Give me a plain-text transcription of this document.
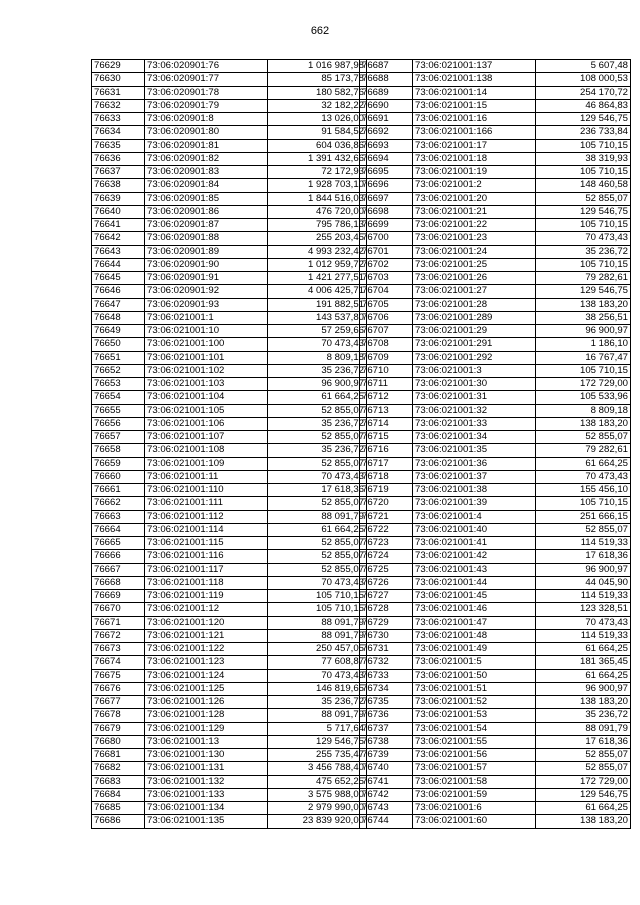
662
76629	73:06:020901:76	1 016 987,98
76630	73:06:020901:77	85 173,78
76631	73:06:020901:78	180 582,76
76632	73:06:020901:79	32 182,22
76633	73:06:020901:8	13 026,00
76634	73:06:020901:80	91 584,52
76635	73:06:020901:81	604 036,86
76636	73:06:020901:82	1 391 432,66
76637	73:06:020901:83	72 172,93
76638	73:06:020901:84	1 928 703,10
76639	73:06:020901:85	1 844 516,03
76640	73:06:020901:86	476 720,00
76641	73:06:020901:87	795 786,13
76642	73:06:020901:88	255 203,45
76643	73:06:020901:89	4 993 232,42
76644	73:06:020901:90	1 012 959,72
76645	73:06:020901:91	1 421 277,51
76646	73:06:020901:92	4 006 425,71
76647	73:06:020901:93	191 882,51
76648	73:06:021001:1	143 537,80
76649	73:06:021001:10	57 259,66
76650	73:06:021001:100	70 473,43
76651	73:06:021001:101	8 809,18
76652	73:06:021001:102	35 236,72
76653	73:06:021001:103	96 900,97
76654	73:06:021001:104	61 664,25
76655	73:06:021001:105	52 855,07
76656	73:06:021001:106	35 236,72
76657	73:06:021001:107	52 855,07
76658	73:06:021001:108	35 236,72
76659	73:06:021001:109	52 855,07
76660	73:06:021001:11	70 473,43
76661	73:06:021001:110	17 618,36
76662	73:06:021001:111	52 855,07
76663	73:06:021001:112	88 091,79
76664	73:06:021001:114	61 664,25
76665	73:06:021001:115	52 855,07
76666	73:06:021001:116	52 855,07
76667	73:06:021001:117	52 855,07
76668	73:06:021001:118	70 473,43
76669	73:06:021001:119	105 710,15
76670	73:06:021001:12	105 710,15
76671	73:06:021001:120	88 091,79
76672	73:06:021001:121	88 091,79
76673	73:06:021001:122	250 457,05
76674	73:06:021001:123	77 608,87
76675	73:06:021001:124	70 473,43
76676	73:06:021001:125	146 819,65
76677	73:06:021001:126	35 236,72
76678	73:06:021001:128	88 091,79
76679	73:06:021001:129	5 717,64
76680	73:06:021001:13	129 546,75
76681	73:06:021001:130	255 735,47
76682	73:06:021001:131	3 456 788,40
76683	73:06:021001:132	475 652,25
76684	73:06:021001:133	3 575 988,00
76685	73:06:021001:134	2 979 990,00
76686	73:06:021001:135	23 839 920,00
76687	73:06:021001:137	5 607,48
76688	73:06:021001:138	108 000,53
76689	73:06:021001:14	254 170,72
76690	73:06:021001:15	46 864,83
76691	73:06:021001:16	129 546,75
76692	73:06:021001:166	236 733,84
76693	73:06:021001:17	105 710,15
76694	73:06:021001:18	38 319,93
76695	73:06:021001:19	105 710,15
76696	73:06:021001:2	148 460,58
76697	73:06:021001:20	52 855,07
76698	73:06:021001:21	129 546,75
76699	73:06:021001:22	105 710,15
76700	73:06:021001:23	70 473,43
76701	73:06:021001:24	35 236,72
76702	73:06:021001:25	105 710,15
76703	73:06:021001:26	79 282,61
76704	73:06:021001:27	129 546,75
76705	73:06:021001:28	138 183,20
76706	73:06:021001:289	38 256,51
76707	73:06:021001:29	96 900,97
76708	73:06:021001:291	1 186,10
76709	73:06:021001:292	16 767,47
76710	73:06:021001:3	105 710,15
76711	73:06:021001:30	172 729,00
76712	73:06:021001:31	105 533,96
76713	73:06:021001:32	8 809,18
76714	73:06:021001:33	138 183,20
76715	73:06:021001:34	52 855,07
76716	73:06:021001:35	79 282,61
76717	73:06:021001:36	61 664,25
76718	73:06:021001:37	70 473,43
76719	73:06:021001:38	155 456,10
76720	73:06:021001:39	105 710,15
76721	73:06:021001:4	251 666,15
76722	73:06:021001:40	52 855,07
76723	73:06:021001:41	114 519,33
76724	73:06:021001:42	17 618,36
76725	73:06:021001:43	96 900,97
76726	73:06:021001:44	44 045,90
76727	73:06:021001:45	114 519,33
76728	73:06:021001:46	123 328,51
76729	73:06:021001:47	70 473,43
76730	73:06:021001:48	114 519,33
76731	73:06:021001:49	61 664,25
76732	73:06:021001:5	181 365,45
76733	73:06:021001:50	61 664,25
76734	73:06:021001:51	96 900,97
76735	73:06:021001:52	138 183,20
76736	73:06:021001:53	35 236,72
76737	73:06:021001:54	88 091,79
76738	73:06:021001:55	17 618,36
76739	73:06:021001:56	52 855,07
76740	73:06:021001:57	52 855,07
76741	73:06:021001:58	172 729,00
76742	73:06:021001:59	129 546,75
76743	73:06:021001:6	61 664,25
76744	73:06:021001:60	138 183,20
